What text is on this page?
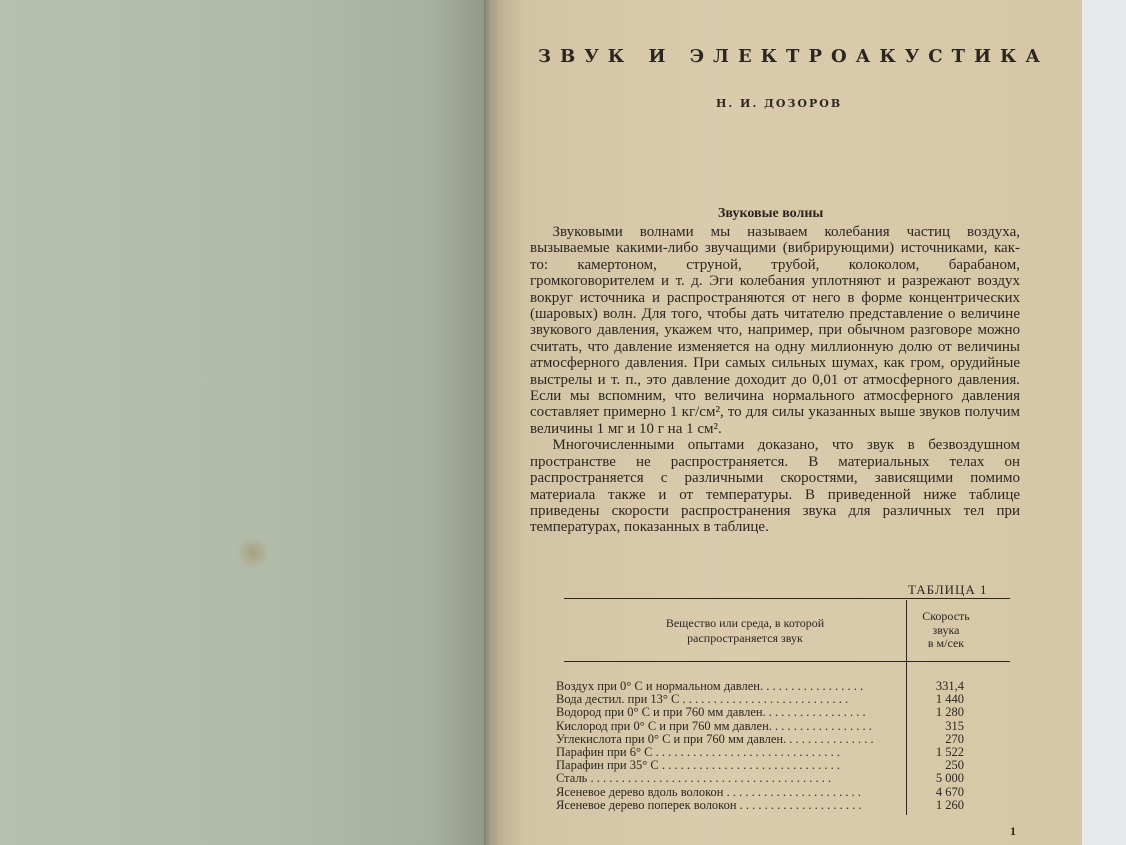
ЗВУК И ЭЛЕКТРОАКУСТИКА
Н. И. ДОЗОРОВ
Звуковые волны

Звуковыми волнами мы называем колебания частиц воздуха, вызываемые какими-либо звучащими (вибрирующими) источниками, как-то: камертоном, струной, трубой, колоколом, барабаном, громкоговорителем и т. д. Эги колебания уплотняют и разрежают воздух вокруг источника и распространяются от него в форме концентрических (шаровых) волн. Для того, чтобы дать читателю представление о величине звукового давления, укажем что, например, при обычном разговоре можно считать, что давление изменяется на одну миллионную долю от величины атмосферного давления. При самых сильных шумах, как гром, орудийные выстрелы и т. п., это давление доходит до 0,01 от атмосферного давления. Если мы вспомним, что величина нормального атмосферного давления составляет примерно 1 кг/см², то для силы указанных выше звуков получим величины 1 мг и 10 г на 1 см².

Многочисленными опытами доказано, что звук в безвоздушном пространстве не распространяется. В материальных телах он распространяется с различными скоростями, зависящими помимо материала также и от температуры. В приведенной ниже таблице приведены скорости распространения звука для различных тел при температурах, показанных в таблице.

ТАБЛИЦА 1
Вещество или среда, в которой распространяется звук
Скорость
звука
в м/сек
Воздух при 0° С и нормальном давлен. . . . . . . . . . . . . . . . .	331,4
Вода дестил. при 13° С . . . . . . . . . . . . . . . . . . . . . . . . . . .	1 440
Водород при 0° С и при 760 мм давлен. . . . . . . . . . . . . . . . .	1 280
Кислород при 0° С и при 760 мм давлен. . . . . . . . . . . . . . . . .	315
Углекислота при 0° С и при 760 мм давлен. . . . . . . . . . . . . . .	270
Парафин при 6° С . . . . . . . . . . . . . . . . . . . . . . . . . . . . . .	1 522
Парафин при 35° С . . . . . . . . . . . . . . . . . . . . . . . . . . . . .	250
Сталь . . . . . . . . . . . . . . . . . . . . . . . . . . . . . . . . . . . . . . .	5 000
Ясеневое дерево вдоль волокон . . . . . . . . . . . . . . . . . . . . . .	4 670
Ясеневое дерево поперек волокон . . . . . . . . . . . . . . . . . . . .	1 260
1
